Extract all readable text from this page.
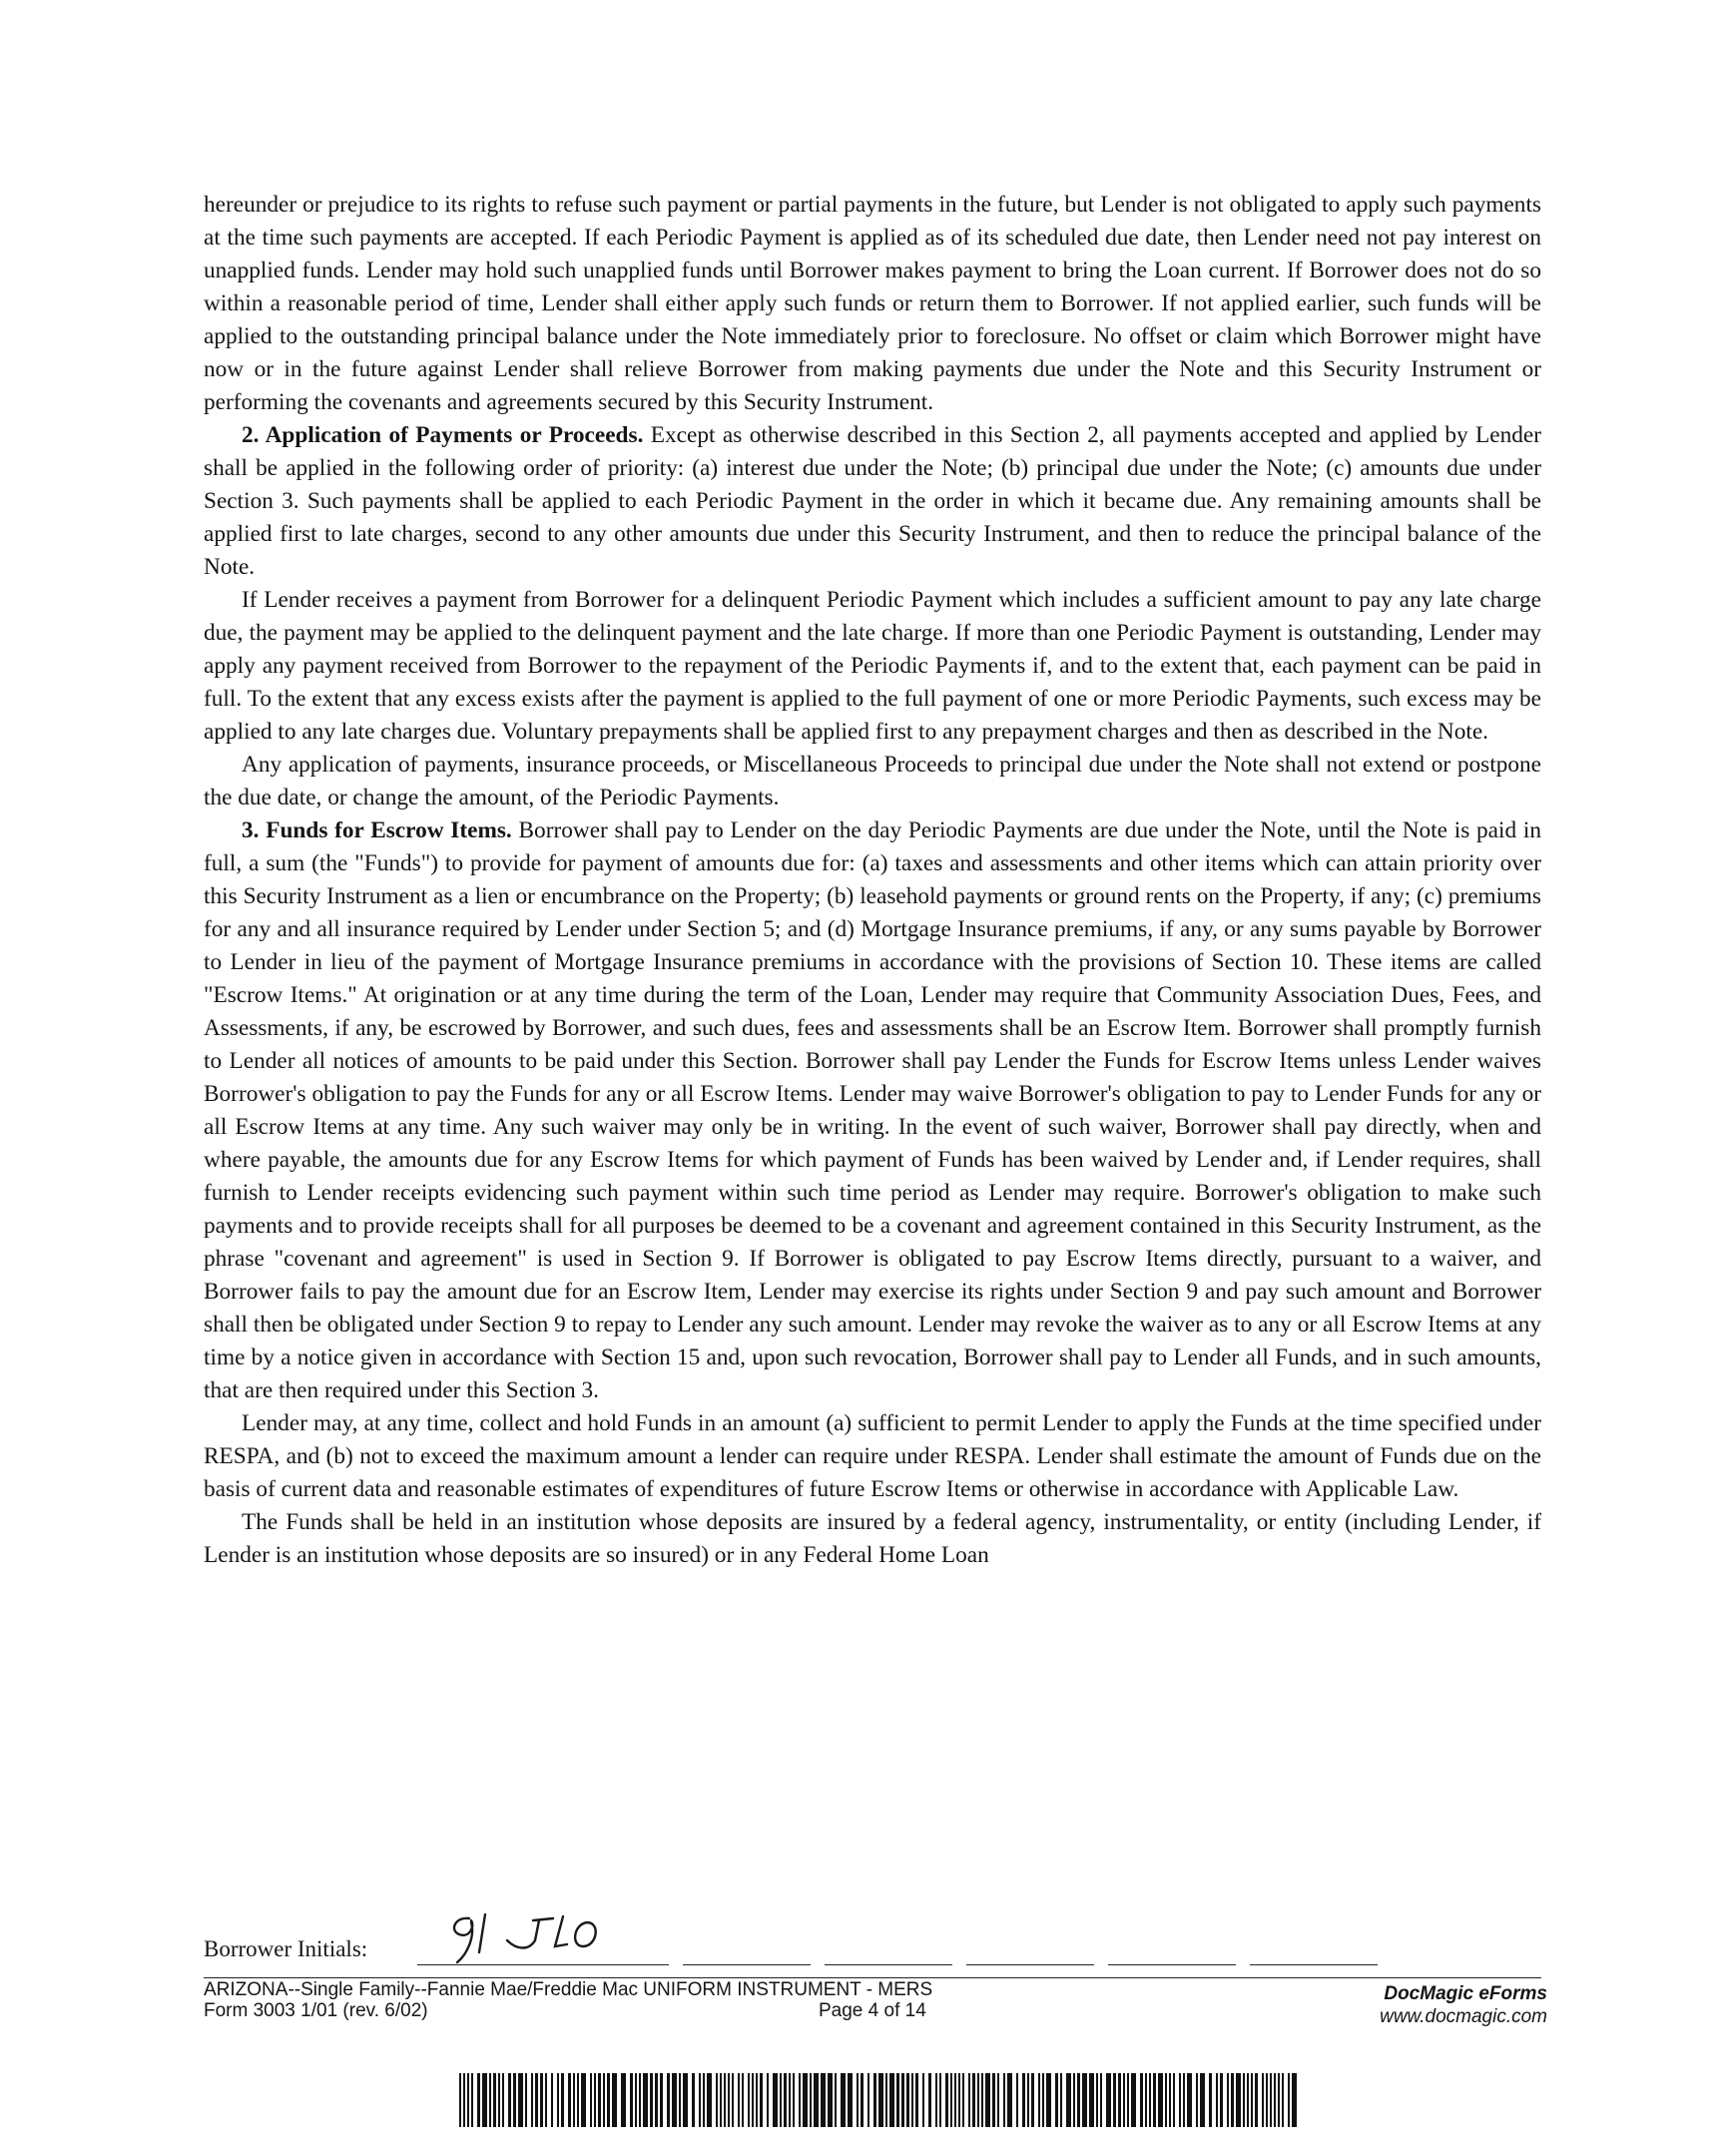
hereunder or prejudice to its rights to refuse such payment or partial payments in the future, but Lender is not obligated to apply such payments at the time such payments are accepted. If each Periodic Payment is applied as of its scheduled due date, then Lender need not pay interest on unapplied funds. Lender may hold such unapplied funds until Borrower makes payment to bring the Loan current. If Borrower does not do so within a reasonable period of time, Lender shall either apply such funds or return them to Borrower. If not applied earlier, such funds will be applied to the outstanding principal balance under the Note immediately prior to foreclosure. No offset or claim which Borrower might have now or in the future against Lender shall relieve Borrower from making payments due under the Note and this Security Instrument or performing the covenants and agreements secured by this Security Instrument.

2. Application of Payments or Proceeds. Except as otherwise described in this Section 2, all payments accepted and applied by Lender shall be applied in the following order of priority: (a) interest due under the Note; (b) principal due under the Note; (c) amounts due under Section 3. Such payments shall be applied to each Periodic Payment in the order in which it became due. Any remaining amounts shall be applied first to late charges, second to any other amounts due under this Security Instrument, and then to reduce the principal balance of the Note.

If Lender receives a payment from Borrower for a delinquent Periodic Payment which includes a sufficient amount to pay any late charge due, the payment may be applied to the delinquent payment and the late charge. If more than one Periodic Payment is outstanding, Lender may apply any payment received from Borrower to the repayment of the Periodic Payments if, and to the extent that, each payment can be paid in full. To the extent that any excess exists after the payment is applied to the full payment of one or more Periodic Payments, such excess may be applied to any late charges due. Voluntary prepayments shall be applied first to any prepayment charges and then as described in the Note.

Any application of payments, insurance proceeds, or Miscellaneous Proceeds to principal due under the Note shall not extend or postpone the due date, or change the amount, of the Periodic Payments.

3. Funds for Escrow Items. Borrower shall pay to Lender on the day Periodic Payments are due under the Note, until the Note is paid in full, a sum (the "Funds") to provide for payment of amounts due for: (a) taxes and assessments and other items which can attain priority over this Security Instrument as a lien or encumbrance on the Property; (b) leasehold payments or ground rents on the Property, if any; (c) premiums for any and all insurance required by Lender under Section 5; and (d) Mortgage Insurance premiums, if any, or any sums payable by Borrower to Lender in lieu of the payment of Mortgage Insurance premiums in accordance with the provisions of Section 10. These items are called "Escrow Items." At origination or at any time during the term of the Loan, Lender may require that Community Association Dues, Fees, and Assessments, if any, be escrowed by Borrower, and such dues, fees and assessments shall be an Escrow Item. Borrower shall promptly furnish to Lender all notices of amounts to be paid under this Section. Borrower shall pay Lender the Funds for Escrow Items unless Lender waives Borrower's obligation to pay the Funds for any or all Escrow Items. Lender may waive Borrower's obligation to pay to Lender Funds for any or all Escrow Items at any time. Any such waiver may only be in writing. In the event of such waiver, Borrower shall pay directly, when and where payable, the amounts due for any Escrow Items for which payment of Funds has been waived by Lender and, if Lender requires, shall furnish to Lender receipts evidencing such payment within such time period as Lender may require. Borrower's obligation to make such payments and to provide receipts shall for all purposes be deemed to be a covenant and agreement contained in this Security Instrument, as the phrase "covenant and agreement" is used in Section 9. If Borrower is obligated to pay Escrow Items directly, pursuant to a waiver, and Borrower fails to pay the amount due for an Escrow Item, Lender may exercise its rights under Section 9 and pay such amount and Borrower shall then be obligated under Section 9 to repay to Lender any such amount. Lender may revoke the waiver as to any or all Escrow Items at any time by a notice given in accordance with Section 15 and, upon such revocation, Borrower shall pay to Lender all Funds, and in such amounts, that are then required under this Section 3.

Lender may, at any time, collect and hold Funds in an amount (a) sufficient to permit Lender to apply the Funds at the time specified under RESPA, and (b) not to exceed the maximum amount a lender can require under RESPA. Lender shall estimate the amount of Funds due on the basis of current data and reasonable estimates of expenditures of future Escrow Items or otherwise in accordance with Applicable Law.

The Funds shall be held in an institution whose deposits are insured by a federal agency, instrumentality, or entity (including Lender, if Lender is an institution whose deposits are so insured) or in any Federal Home Loan

Borrower Initials:
ARIZONA--Single Family--Fannie Mae/Freddie Mac UNIFORM INSTRUMENT - MERS
Form 3003 1/01 (rev. 6/02)	Page 4 of 14
DocMagic eForms
www.docmagic.com
